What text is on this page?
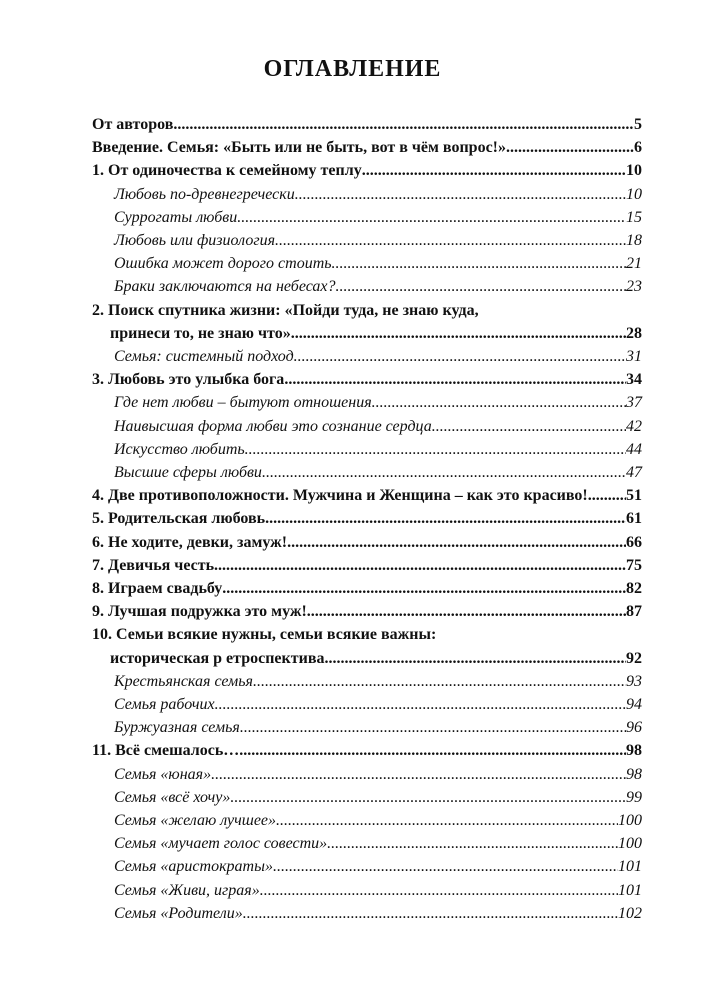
ОГЛАВЛЕНИЕ
От авторов .....	5
Введение. Семья: «Быть или не быть, вот в чём вопрос!» .....	6
1. От одиночества к семейному теплу .....	10
Любовь по-древнегречески .....	10
Суррогаты любви .....	15
Любовь или физиология .....	18
Ошибка может дорого стоить .....	21
Браки заключаются на небесах? .....	23
2. Поиск спутника жизни: «Пойди туда, не знаю куда,
принеси то, не знаю что» .....	28
Семья: системный подход .....	31
3. Любовь это улыбка бога .....	34
Где нет любви – бытуют отношения .....	37
Наивысшая форма любви это сознание сердца .....	42
Искусство любить .....	44
Высшие сферы любви .....	47
4. Две противоположности. Мужчина и Женщина – как это красиво! ..... 51
5. Родительская любовь .....	61
6. Не ходите, девки, замуж! .....	66
7. Девичья честь .....	75
8. Играем свадьбу .....	82
9. Лучшая подружка это муж! .....	87
10. Семьи всякие нужны, семьи всякие важны:
историческая р етроспектива .....	92
Крестьянская семья .....	93
Семья рабочих .....	94
Буржуазная семья .....	96
11. Всё смешалось… .....	98
Семья «юная» .....	98
Семья «всё хочу» .....	99
Семья «желаю лучшее» .....	100
Семья «мучает голос совести» .....	100
Семья «аристократы» .....	101
Семья «Живи, играя» .....	101
Семья «Родители» .....	102
